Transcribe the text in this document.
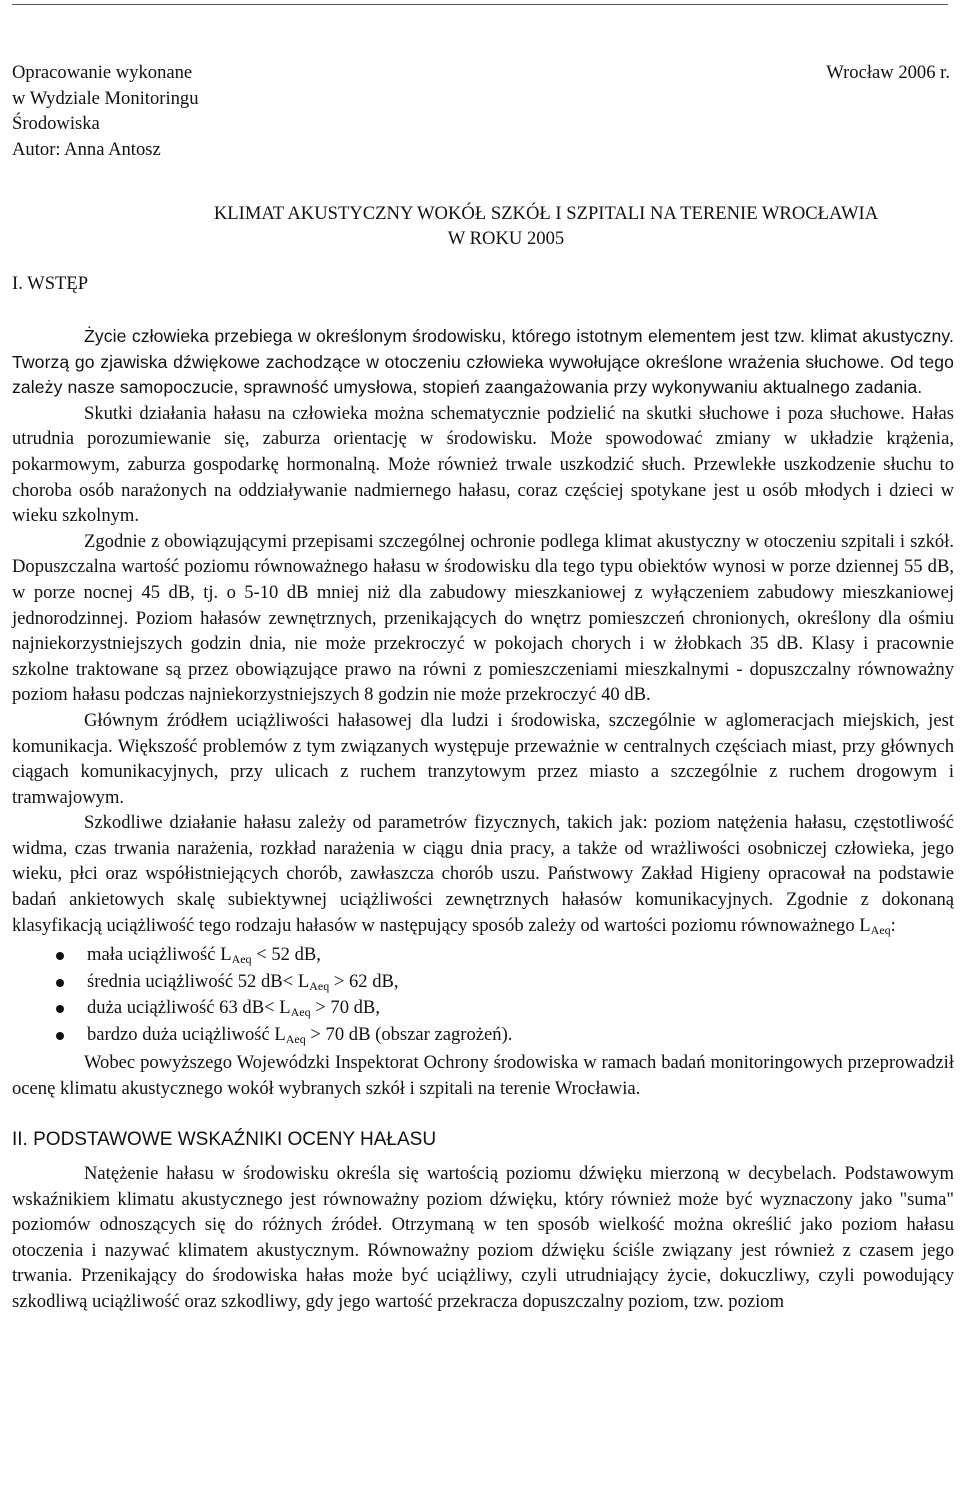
Opracowanie wykonane
w Wydziale Monitoringu
Środowiska
Autor: Anna Antosz
Wrocław 2006 r.
KLIMAT AKUSTYCZNY WOKÓŁ SZKÓŁ I SZPITALI NA TERENIE WROCŁAWIA
W ROKU 2005
I. WSTĘP

Życie człowieka przebiega w określonym środowisku, którego istotnym elementem jest tzw. klimat akustyczny. Tworzą go zjawiska dźwiękowe zachodzące w otoczeniu człowieka wywołujące określone wrażenia słuchowe. Od tego zależy nasze samopoczucie, sprawność umysłowa, stopień zaangażowania przy wykonywaniu aktualnego zadania.

Skutki działania hałasu na człowieka można schematycznie podzielić na skutki słuchowe i poza słuchowe. Hałas utrudnia porozumiewanie się, zaburza orientację w środowisku. Może spowodować zmiany w układzie krążenia, pokarmowym, zaburza gospodarkę hormonalną. Może również trwale uszkodzić słuch. Przewlekłe uszkodzenie słuchu to choroba osób narażonych na oddziaływanie nadmiernego hałasu, coraz częściej spotykane jest u osób młodych i dzieci w wieku szkolnym.

Zgodnie z obowiązującymi przepisami szczególnej ochronie podlega klimat akustyczny w otoczeniu szpitali i szkół. Dopuszczalna wartość poziomu równoważnego hałasu w środowisku dla tego typu obiektów wynosi w porze dziennej 55 dB, w porze nocnej 45 dB, tj. o 5-10 dB mniej niż dla zabudowy mieszkaniowej z wyłączeniem zabudowy mieszkaniowej jednorodzinnej. Poziom hałasów zewnętrznych, przenikających do wnętrz pomieszczeń chronionych, określony dla ośmiu najniekorzystniejszych godzin dnia, nie może przekroczyć w pokojach chorych i w żłobkach 35 dB. Klasy i pracownie szkolne traktowane są przez obowiązujące prawo na równi z pomieszczeniami mieszkalnymi - dopuszczalny równoważny poziom hałasu podczas najniekorzystniejszych 8 godzin nie może przekroczyć 40 dB.

Głównym źródłem uciążliwości hałasowej dla ludzi i środowiska, szczególnie w aglomeracjach miejskich, jest komunikacja. Większość problemów z tym związanych występuje przeważnie w centralnych częściach miast, przy głównych ciągach komunikacyjnych, przy ulicach z ruchem tranzytowym przez miasto a szczególnie z ruchem drogowym i tramwajowym.

Szkodliwe działanie hałasu zależy od parametrów fizycznych, takich jak: poziom natężenia hałasu, częstotliwość widma, czas trwania narażenia, rozkład narażenia w ciągu dnia pracy, a także od wrażliwości osobniczej człowieka, jego wieku, płci oraz współistniejących chorób, zawłaszcza chorób uszu. Państwowy Zakład Higieny opracował na podstawie badań ankietowych skalę subiektywnej uciążliwości zewnętrznych hałasów komunikacyjnych. Zgodnie z dokonaną klasyfikacją uciążliwość tego rodzaju hałasów w następujący sposób zależy od wartości poziomu równoważnego $L_{Aeq}$:

mała uciążliwość $L_{Aeq} < 52$ dB,
średnia uciążliwość 52 $dB< L_{Aeq} > 62$ dB,
duża uciążliwość 63 $dB< L_{Aeq} > 70$ dB,
bardzo duża uciążliwość $L_{Aeq} > 70$ dB (obszar zagrożeń).

Wobec powyższego Wojewódzki Inspektorat Ochrony środowiska w ramach badań monitoringowych przeprowadził ocenę klimatu akustycznego wokół wybranych szkół i szpitali na terenie Wrocławia.

II. PODSTAWOWE WSKAŹNIKI OCENY HAŁASU

Natężenie hałasu w środowisku określa się wartością poziomu dźwięku mierzoną w decybelach. Podstawowym wskaźnikiem klimatu akustycznego jest równoważny poziom dźwięku, który również może być wyznaczony jako "suma" poziomów odnoszących się do różnych źródeł. Otrzymaną w ten sposób wielkość można określić jako poziom hałasu otoczenia i nazywać klimatem akustycznym. Równoważny poziom dźwięku ściśle związany jest również z czasem jego trwania. Przenikający do środowiska hałas może być uciążliwy, czyli utrudniający życie, dokuczliwy, czyli powodujący szkodliwą uciążliwość oraz szkodliwy, gdy jego wartość przekracza dopuszczalny poziom, tzw. poziom
